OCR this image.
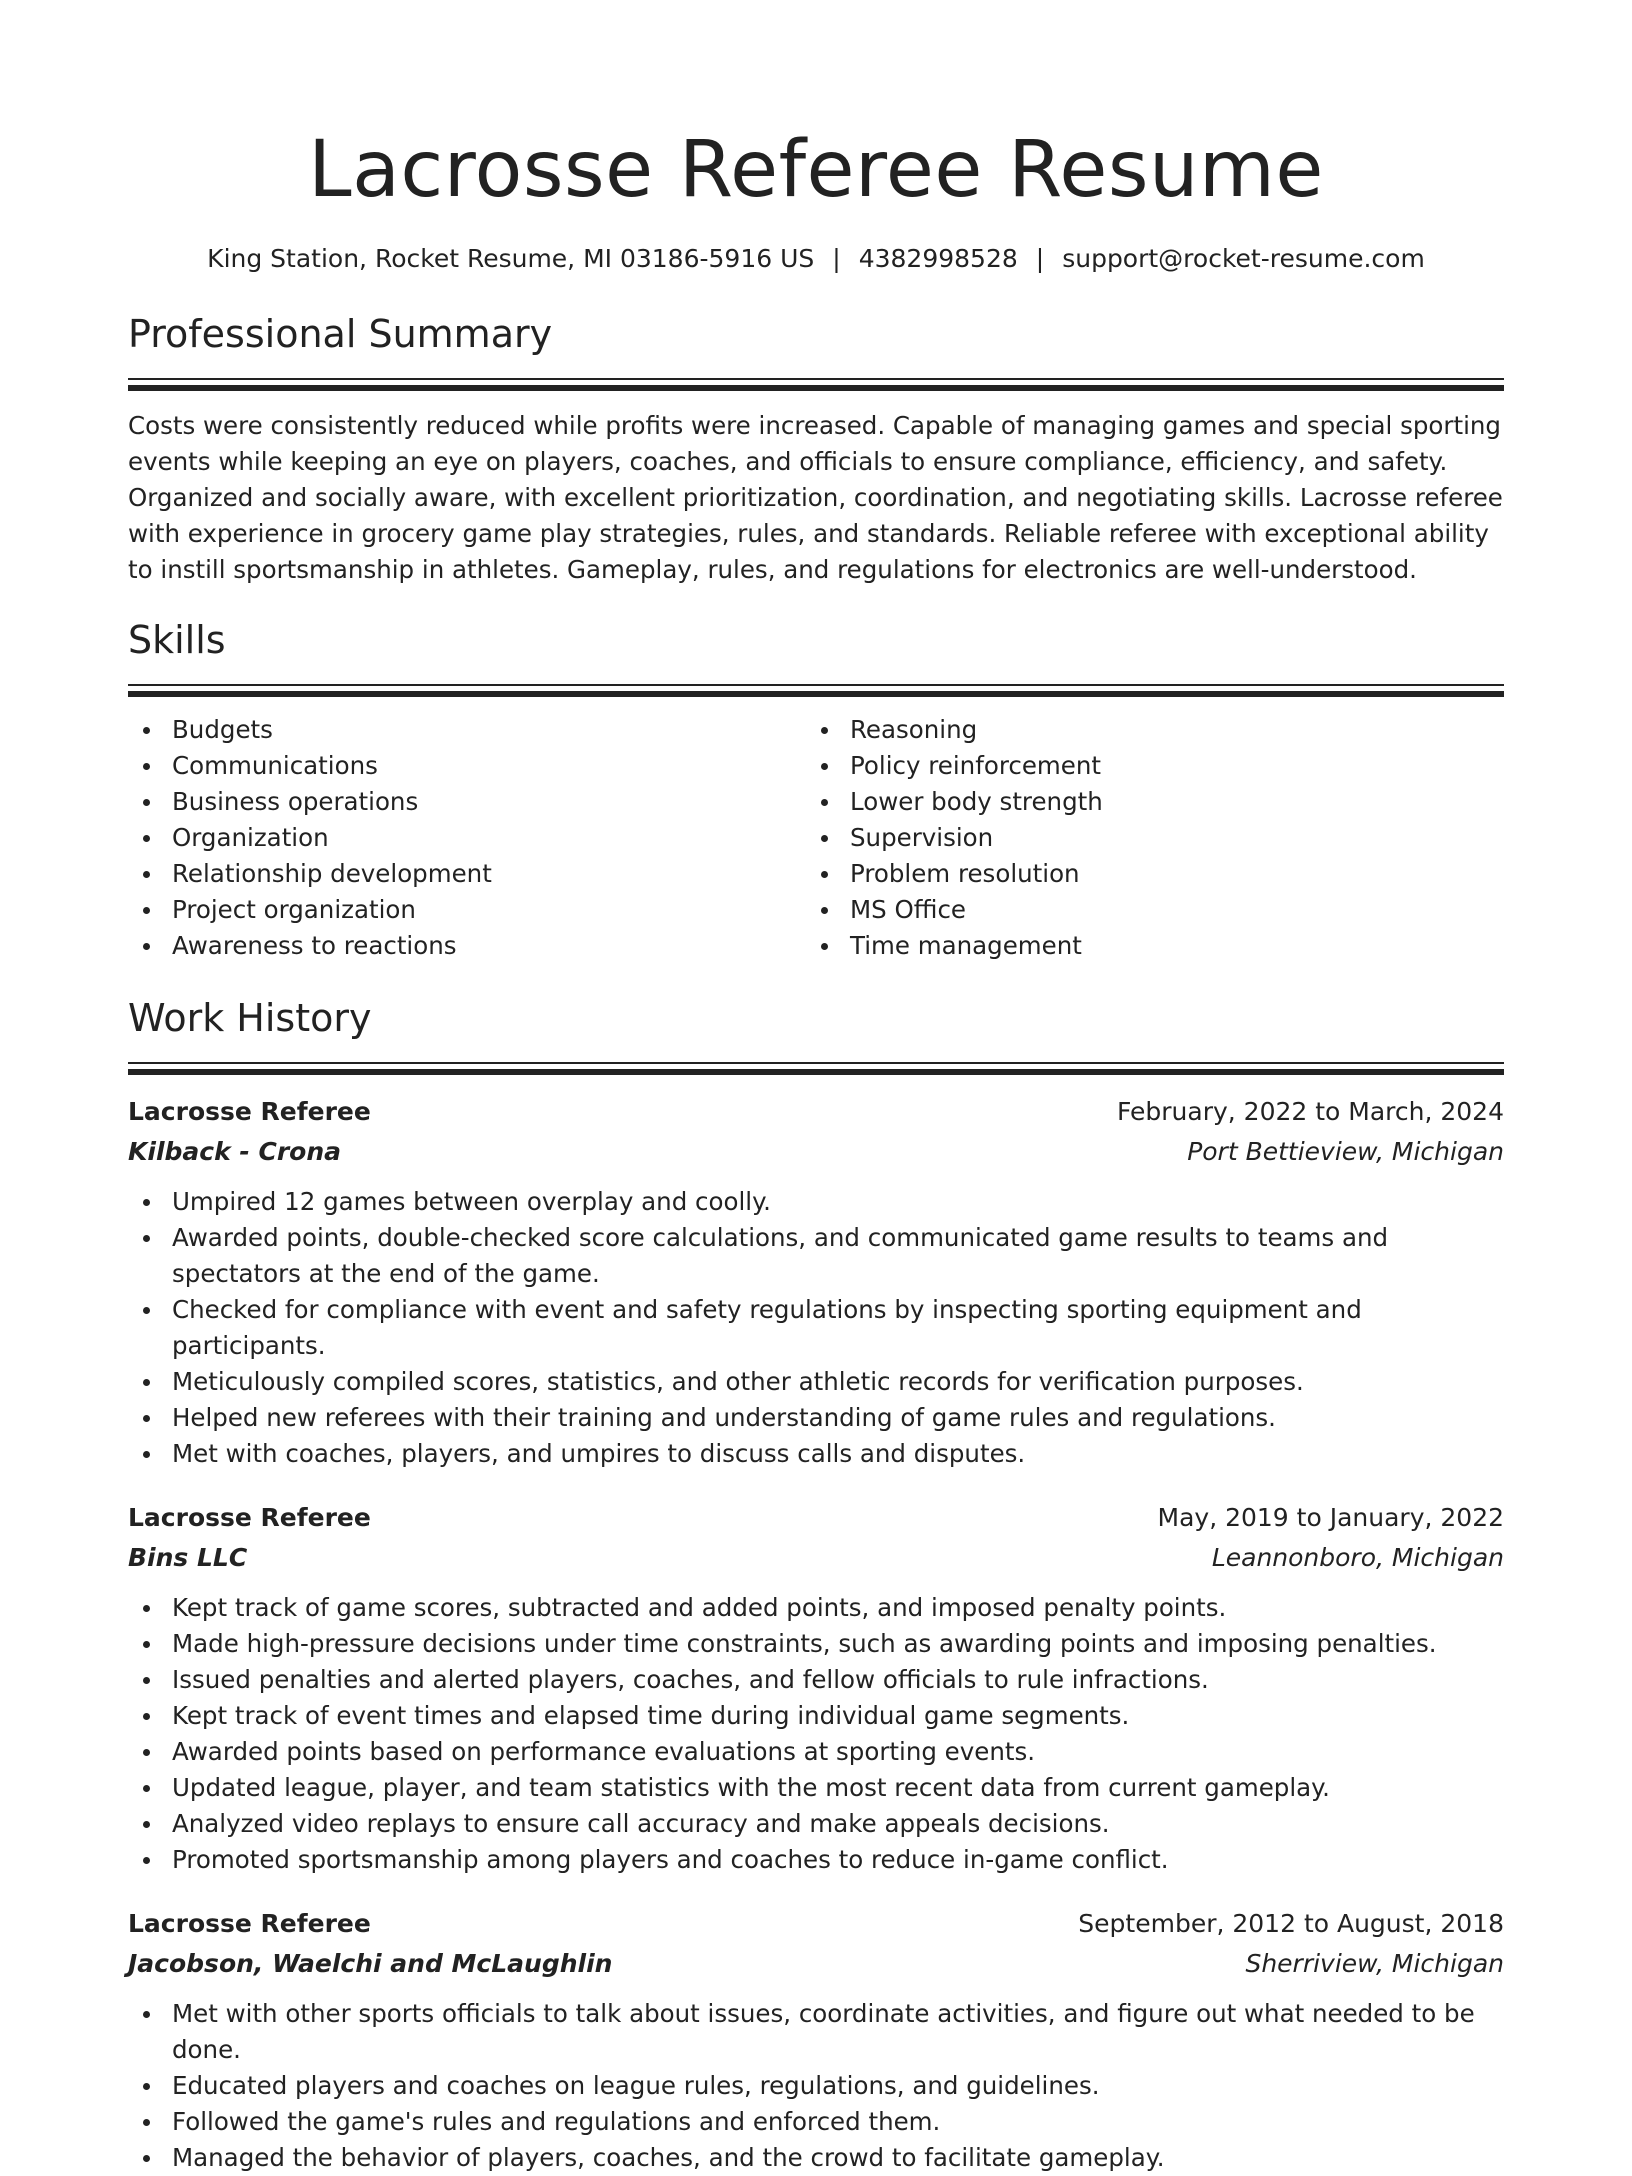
Lacrosse Referee Resume
King Station, Rocket Resume, MI 03186-5916 US | 4382998528 | support@rocket-resume.com
Professional Summary

Costs were consistently reduced while profits were increased. Capable of managing games and special sporting events while keeping an eye on players, coaches, and officials to ensure compliance, efficiency, and safety. Organized and socially aware, with excellent prioritization, coordination, and negotiating skills. Lacrosse referee with experience in grocery game play strategies, rules, and standards. Reliable referee with exceptional ability to instill sportsmanship in athletes. Gameplay, rules, and regulations for electronics are well-understood.

Skills
Budgets
Communications
Business operations
Organization
Relationship development
Project organization
Awareness to reactions
Reasoning
Policy reinforcement
Lower body strength
Supervision
Problem resolution
MS Office
Time management
Work History
Lacrosse Referee	February, 2022 to March, 2024
Kilback - Crona	Port Bettieview, Michigan
Umpired 12 games between overplay and coolly.
Awarded points, double-checked score calculations, and communicated game results to teams and spectators at the end of the game.
Checked for compliance with event and safety regulations by inspecting sporting equipment and participants.
Meticulously compiled scores, statistics, and other athletic records for verification purposes.
Helped new referees with their training and understanding of game rules and regulations.
Met with coaches, players, and umpires to discuss calls and disputes.
Lacrosse Referee	May, 2019 to January, 2022
Bins LLC	Leannonboro, Michigan
Kept track of game scores, subtracted and added points, and imposed penalty points.
Made high-pressure decisions under time constraints, such as awarding points and imposing penalties.
Issued penalties and alerted players, coaches, and fellow officials to rule infractions.
Kept track of event times and elapsed time during individual game segments.
Awarded points based on performance evaluations at sporting events.
Updated league, player, and team statistics with the most recent data from current gameplay.
Analyzed video replays to ensure call accuracy and make appeals decisions.
Promoted sportsmanship among players and coaches to reduce in-game conflict.
Lacrosse Referee	September, 2012 to August, 2018
Jacobson, Waelchi and McLaughlin	Sherriview, Michigan
Met with other sports officials to talk about issues, coordinate activities, and figure out what needed to be done.
Educated players and coaches on league rules, regulations, and guidelines.
Followed the game's rules and regulations and enforced them.
Managed the behavior of players, coaches, and the crowd to facilitate gameplay.
